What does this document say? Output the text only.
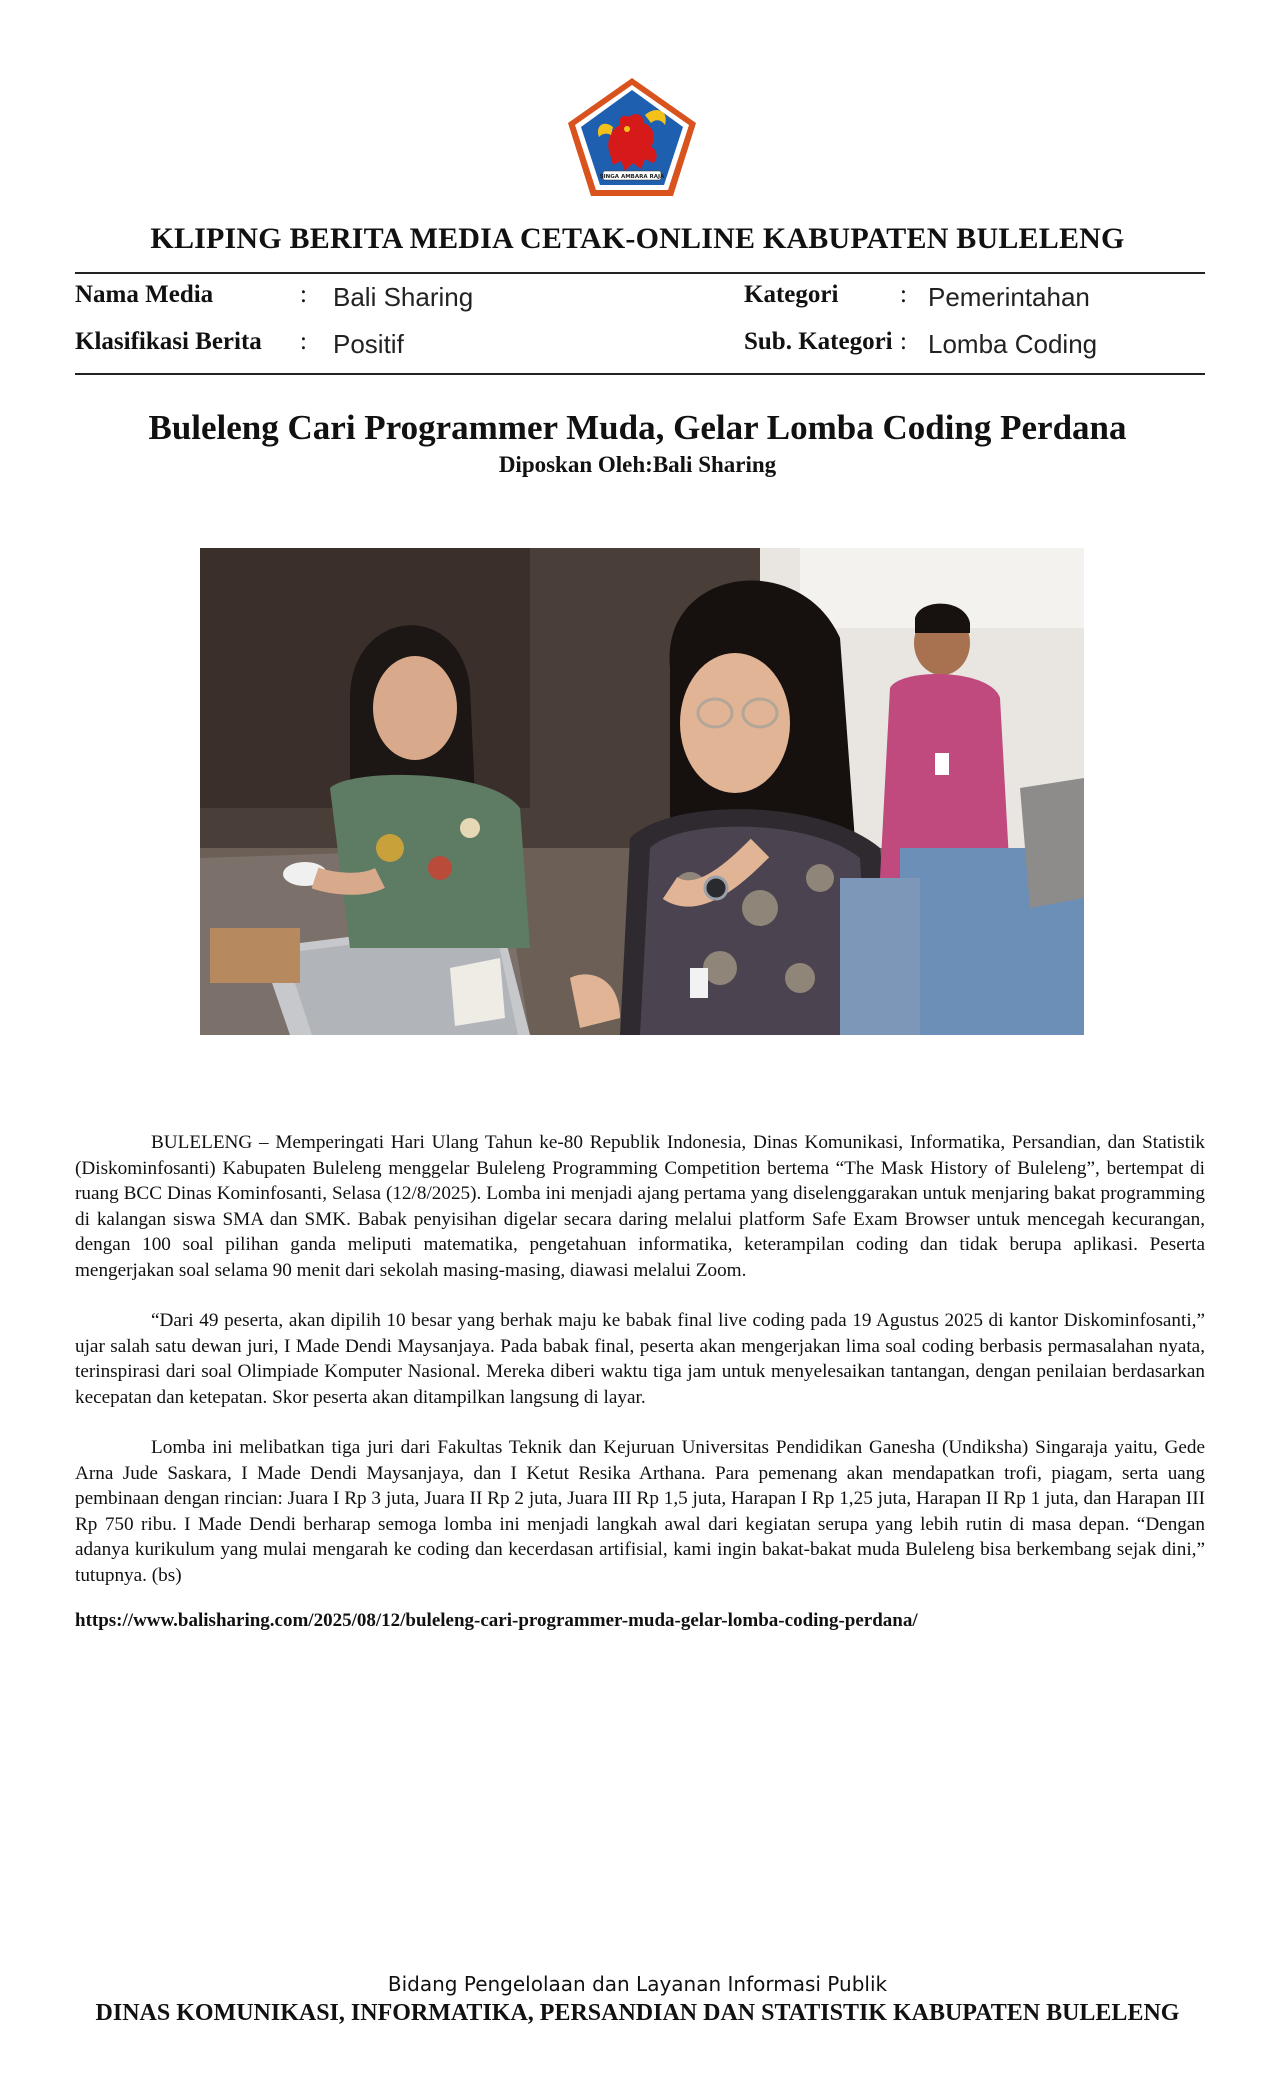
SINGA AMBARA RAJA
KLIPING BERITA MEDIA CETAK-ONLINE KABUPATEN BULELENG
Nama Media	: Bali Sharing
Klasifikasi Berita : Positif
Kategori : Pemerintahan
Sub. Kategori : Lomba Coding
Buleleng Cari Programmer Muda, Gelar Lomba Coding Perdana
Diposkan Oleh:Bali Sharing

BULELENG – Memperingati Hari Ulang Tahun ke-80 Republik Indonesia, Dinas Komunikasi, Informatika, Persandian, dan Statistik (Diskominfosanti) Kabupaten Buleleng menggelar Buleleng Programming Competition bertema “The Mask History of Buleleng”, bertempat di ruang BCC Dinas Kominfosanti, Selasa (12/8/2025). Lomba ini menjadi ajang pertama yang diselenggarakan untuk menjaring bakat programming di kalangan siswa SMA dan SMK. Babak penyisihan digelar secara daring melalui platform Safe Exam Browser untuk mencegah kecurangan, dengan 100 soal pilihan ganda meliputi matematika, pengetahuan informatika, keterampilan coding dan tidak berupa aplikasi. Peserta mengerjakan soal selama 90 menit dari sekolah masing-masing, diawasi melalui Zoom.

“Dari 49 peserta, akan dipilih 10 besar yang berhak maju ke babak final live coding pada 19 Agustus 2025 di kantor Diskominfosanti,” ujar salah satu dewan juri, I Made Dendi Maysanjaya. Pada babak final, peserta akan mengerjakan lima soal coding berbasis permasalahan nyata, terinspirasi dari soal Olimpiade Komputer Nasional. Mereka diberi waktu tiga jam untuk menyelesaikan tantangan, dengan penilaian berdasarkan kecepatan dan ketepatan. Skor peserta akan ditampilkan langsung di layar.

Lomba ini melibatkan tiga juri dari Fakultas Teknik dan Kejuruan Universitas Pendidikan Ganesha (Undiksha) Singaraja yaitu, Gede Arna Jude Saskara, I Made Dendi Maysanjaya, dan I Ketut Resika Arthana. Para pemenang akan mendapatkan trofi, piagam, serta uang pembinaan dengan rincian: Juara I Rp 3 juta, Juara II Rp 2 juta, Juara III Rp 1,5 juta, Harapan I Rp 1,25 juta, Harapan II Rp 1 juta, dan Harapan III Rp 750 ribu. I Made Dendi berharap semoga lomba ini menjadi langkah awal dari kegiatan serupa yang lebih rutin di masa depan. “Dengan adanya kurikulum yang mulai mengarah ke coding dan kecerdasan artifisial, kami ingin bakat-bakat muda Buleleng bisa berkembang sejak dini,” tutupnya. (bs)

https://www.balisharing.com/2025/08/12/buleleng-cari-programmer-muda-gelar-lomba-coding-perdana/
Bidang Pengelolaan dan Layanan Informasi Publik
DINAS KOMUNIKASI, INFORMATIKA, PERSANDIAN DAN STATISTIK KABUPATEN BULELENG
